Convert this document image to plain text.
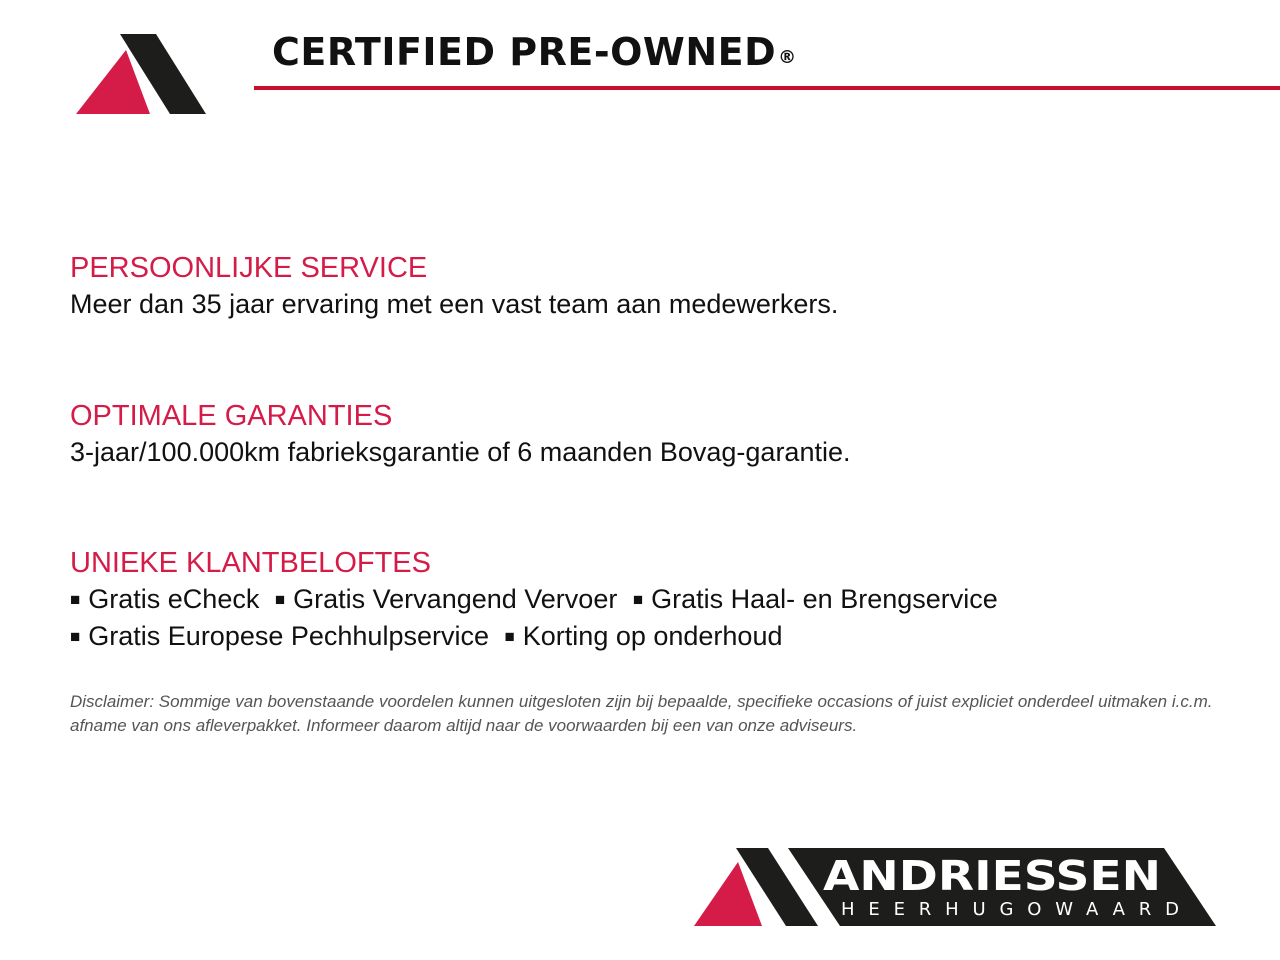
CERTIFIED PRE-OWNED ®
PERSOONLIJKE SERVICE
Meer dan 35 jaar ervaring met een vast team aan medewerkers.
OPTIMALE GARANTIES
3-jaar/100.000km fabrieksgarantie of 6 maanden Bovag-garantie.
UNIEKE KLANTBELOFTES
■ Gratis eCheck ■ Gratis Vervangend Vervoer ■ Gratis Haal- en Brengservice
■ Gratis Europese Pechhulpservice ■ Korting op onderhoud
Disclaimer: Sommige van bovenstaande voordelen kunnen uitgesloten zijn bij bepaalde, specifieke occasions of juist expliciet onderdeel uitmaken i.c.m. afname van ons afleverpakket. Informeer daarom altijd naar de voorwaarden bij een van onze adviseurs.
ANDRIESSEN
HEERHUGOWAARD
